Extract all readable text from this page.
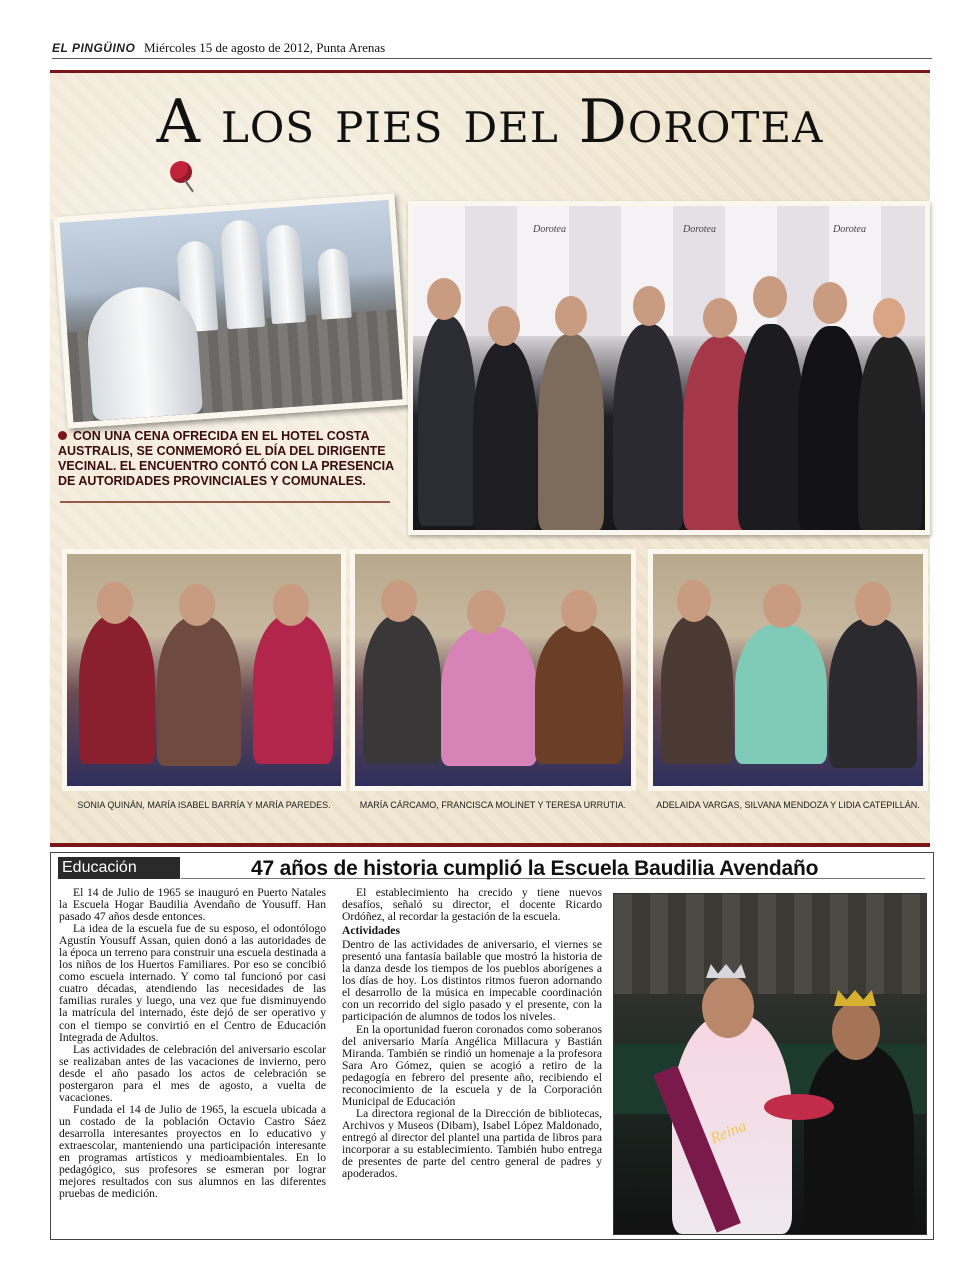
EL PINGÜINO Miércoles 15 de agosto de 2012, Punta Arenas
A los pies del Dorotea
Dorotea	Dorotea	Dorotea
CON UNA CENA OFRECIDA EN EL HOTEL COSTA AUSTRALIS, SE CONMEMORÓ EL DÍA DEL DIRIGENTE VECINAL. EL ENCUENTRO CONTÓ CON LA PRESENCIA DE AUTORIDADES PROVINCIALES Y COMUNALES.
SONIA QUINÁN, MARÍA ISABEL BARRÍA Y MARÍA PAREDES.	MARÍA CÁRCAMO, FRANCISCA MOLINET Y TERESA URRUTIA.	ADELAIDA VARGAS, SILVANA MENDOZA Y LIDIA CATEPILLÁN.
Educación	47 años de historia cumplió la Escuela Baudilia Avendaño

El 14 de Julio de 1965 se inauguró en Puerto Natales la Escuela Hogar Baudilia Avendaño de Yousuff. Han pasado 47 años desde entonces.

La idea de la escuela fue de su esposo, el odontólogo Agustín Yousuff Assan, quien donó a las autoridades de la época un terreno para construir una escuela destinada a los niños de los Huertos Familiares. Por eso se concibió como escuela internado. Y como tal funcionó por casi cuatro décadas, atendiendo las necesidades de las familias rurales y luego, una vez que fue disminuyendo la matrícula del internado, éste dejó de ser operativo y con el tiempo se convirtió en el Centro de Educación Integrada de Adultos.

Las actividades de celebración del aniversario escolar se realizaban antes de las vacaciones de invierno, pero desde el año pasado los actos de celebración se postergaron para el mes de agosto, a vuelta de vacaciones.

Fundada el 14 de Julio de 1965, la escuela ubicada a un costado de la población Octavio Castro Sáez desarrolla interesantes proyectos en lo educativo y extraescolar, manteniendo una participación interesante en programas artísticos y medioambientales. En lo pedagógico, sus profesores se esmeran por lograr mejores resultados con sus alumnos en las diferentes pruebas de medición.

El establecimiento ha crecido y tiene nuevos desafíos, señaló su director, el docente Ricardo Ordóñez, al recordar la gestación de la escuela.

Actividades

Dentro de las actividades de aniversario, el viernes se presentó una fantasía bailable que mostró la historia de la danza desde los tiempos de los pueblos aborígenes a los días de hoy. Los distintos ritmos fueron adornando el desarrollo de la música en impecable coordinación con un recorrido del siglo pasado y el presente, con la participación de alumnos de todos los niveles.

En la oportunidad fueron coronados como soberanos del aniversario María Angélica Millacura y Bastián Miranda. También se rindió un homenaje a la profesora Sara Aro Gómez, quien se acogió a retiro de la pedagogía en febrero del presente año, recibiendo el reconocimiento de la escuela y de la Corporación Municipal de Educación

La directora regional de la Dirección de bibliotecas, Archivos y Museos (Dibam), Isabel López Maldonado, entregó al director del plantel una partida de libros para incorporar a su establecimiento. También hubo entrega de presentes de parte del centro general de padres y apoderados.

Reina
